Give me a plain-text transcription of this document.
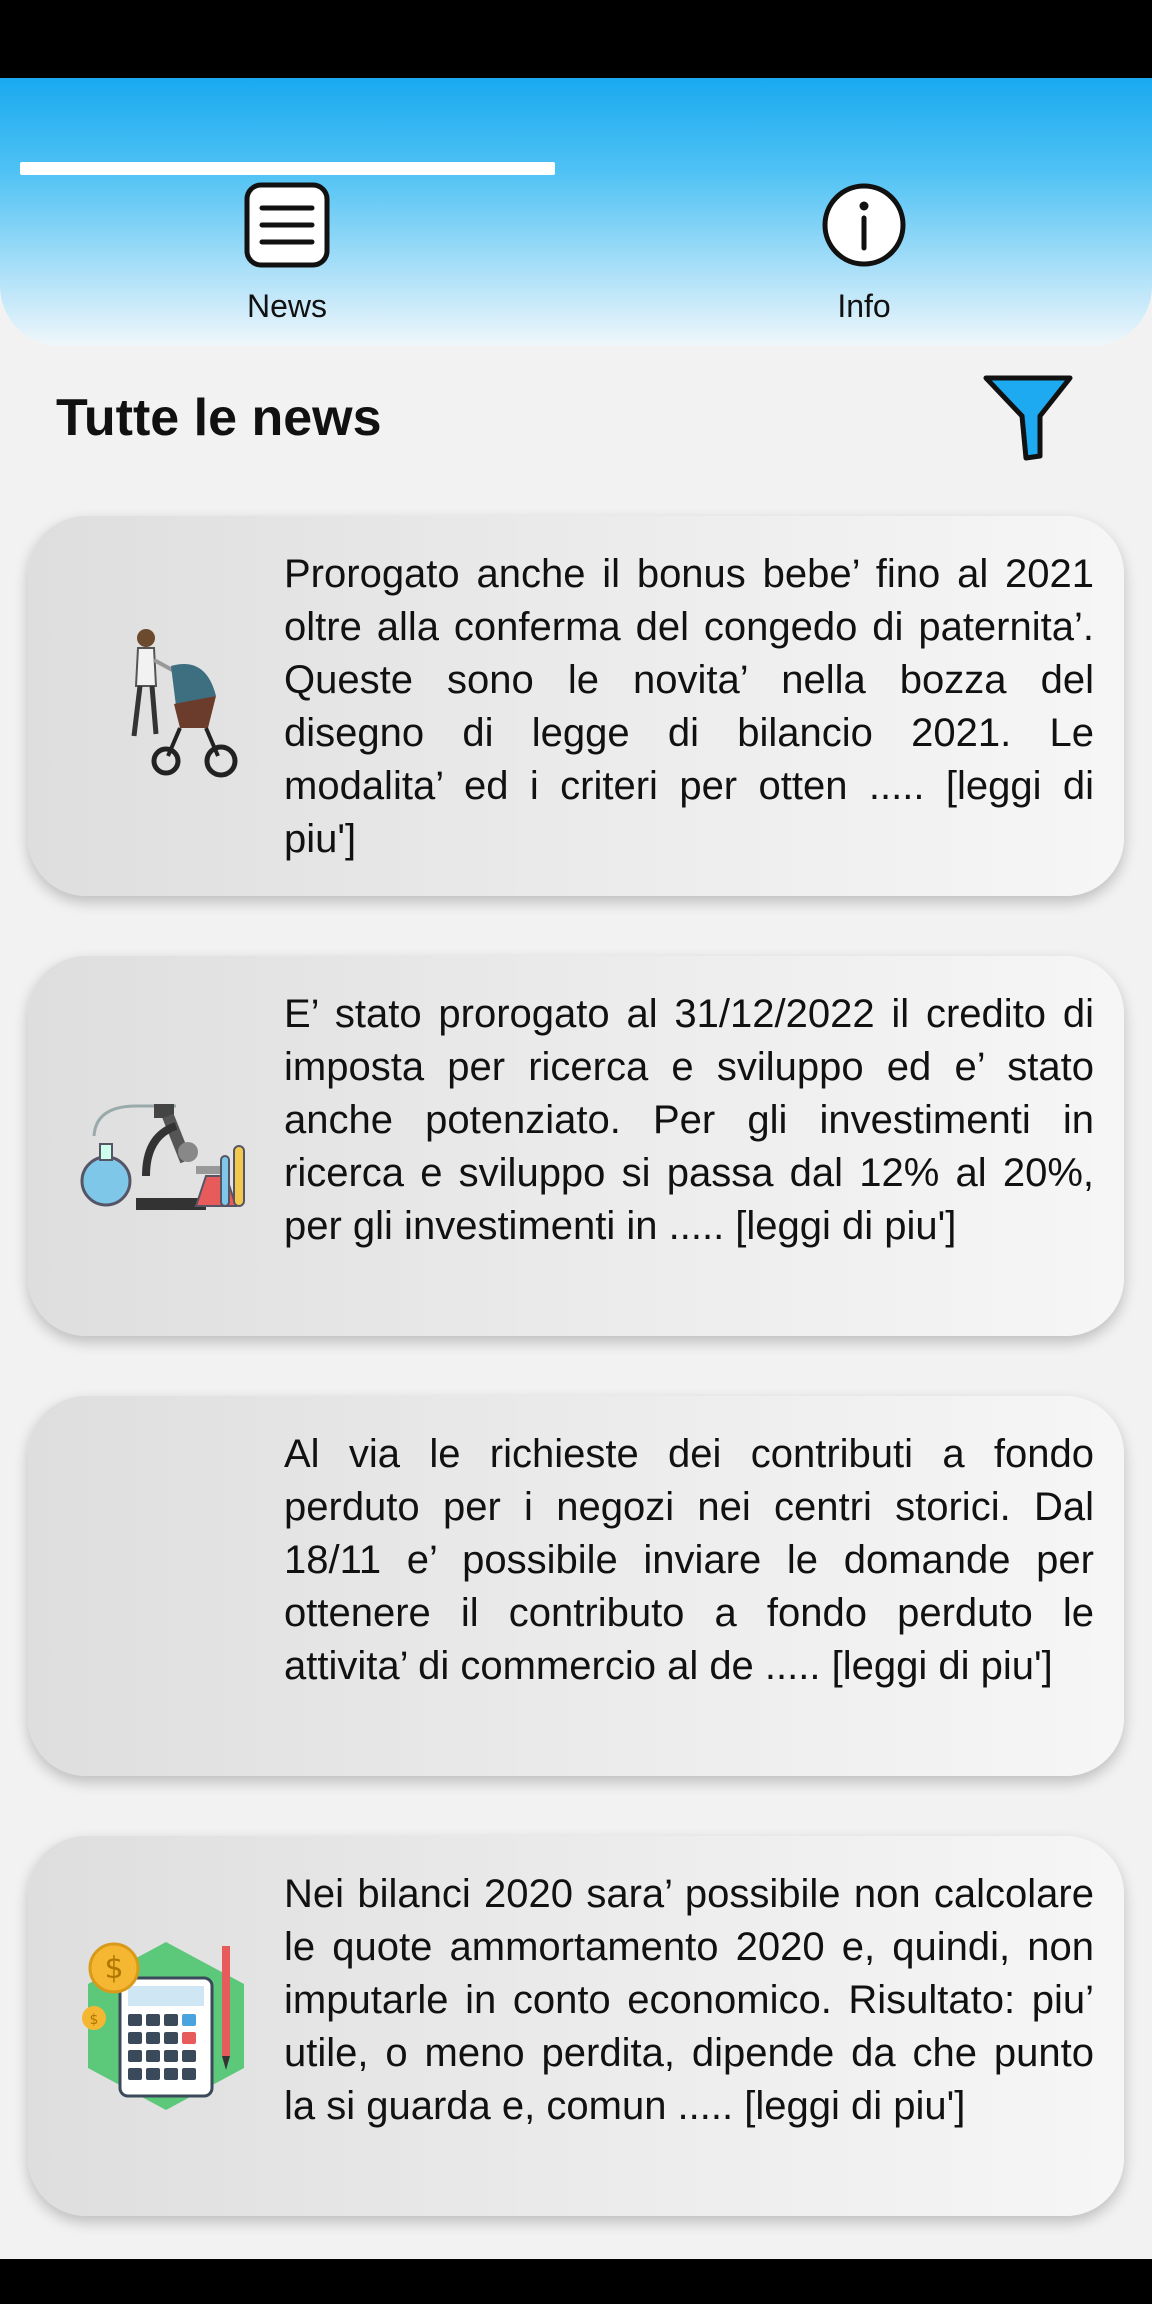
News	Info
Tutte le news
Prorogato anche il bonus bebe’ fino al 2021 oltre alla conferma del congedo di paternita’. Queste sono le novita’ nella bozza del disegno di legge di bilancio 2021. Le modalita’ ed i criteri per otten ..... [leggi di piu']
E’ stato prorogato al 31/12/2022 il credito di imposta per ricerca e sviluppo ed e’ stato anche potenziato. Per gli investimenti in ricerca e sviluppo si passa dal 12% al 20%, per gli investimenti in ..... [leggi di piu']
Al via le richieste dei contributi a fondo perduto per i negozi nei centri storici. Dal 18/11 e’ possibile inviare le domande per ottenere il contributo a fondo perduto le attivita’ di commercio al de ..... [leggi di piu']
$
$
Nei bilanci 2020 sara’ possibile non calcolare le quote ammortamento 2020 e, quindi, non imputarle in conto economico. Risultato: piu’ utile, o meno perdita, dipende da che punto la si guarda e, comun ..... [leggi di piu']
